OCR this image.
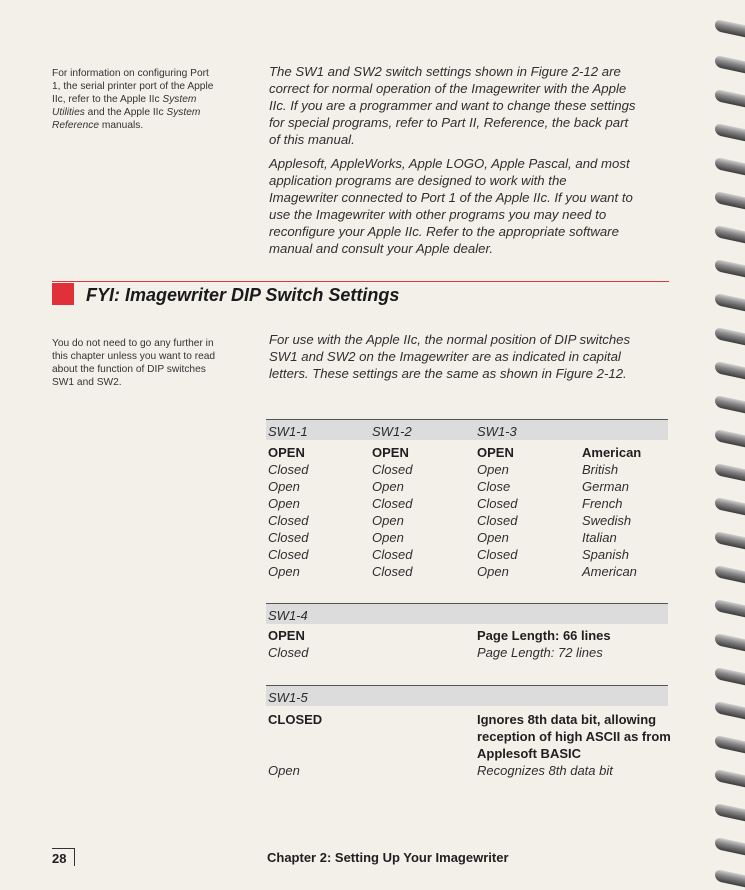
For information on configuring Port
1, the serial printer port of the Apple
IIc, refer to the Apple IIc System
Utilities and the Apple IIc System
Reference manuals.

The SW1 and SW2 switch settings shown in Figure 2-12 are

correct for normal operation of the Imagewriter with the Apple

IIc. If you are a programmer and want to change these settings

for special programs, refer to Part II, Reference, the back part

of this manual.

Applesoft, AppleWorks, Apple LOGO, Apple Pascal, and most

application programs are designed to work with the

Imagewriter connected to Port 1 of the Apple IIc. If you want to

use the Imagewriter with other programs you may need to

reconfigure your Apple IIc. Refer to the appropriate software

manual and consult your Apple dealer.

FYI: Imagewriter DIP Switch Settings
You do not need to go any further in
this chapter unless you want to read
about the function of DIP switches
SW1 and SW2.

For use with the Apple IIc, the normal position of DIP switches

SW1 and SW2 on the Imagewriter are as indicated in capital

letters. These settings are the same as shown in Figure 2-12.

SW1-1	SW1-2	SW1-3
OPEN	OPEN	OPEN	American
Closed	Closed	Open	British
Open	Open	Close	German
Open	Closed	Closed	French
Closed	Open	Closed	Swedish
Closed	Open	Open	Italian
Closed	Closed	Closed	Spanish
Open	Closed	Open	American
SW1-4
OPEN	Page Length: 66 lines
Closed	Page Length: 72 lines
SW1-5
CLOSED	Ignores 8th data bit, allowing
reception of high ASCII as from
Applesoft BASIC
Open	Recognizes 8th data bit
28	Chapter 2: Setting Up Your Imagewriter
